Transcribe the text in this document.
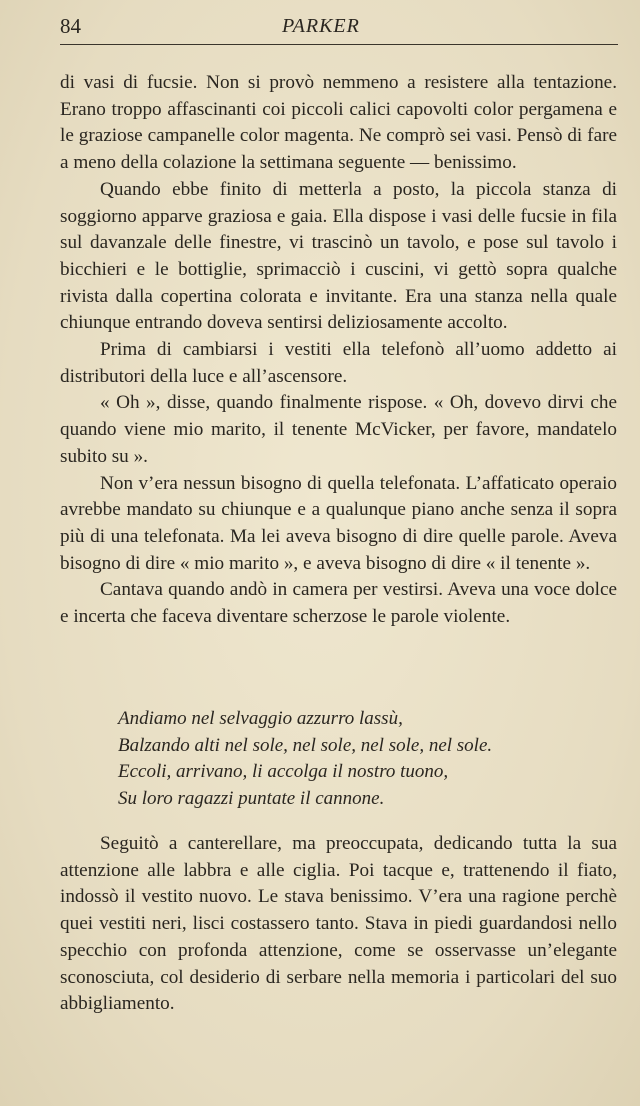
84	PARKER

di vasi di fucsie. Non si provò nemmeno a resistere alla tentazione. Erano troppo affascinanti coi piccoli calici capovolti color pergamena e le graziose campanelle color magenta. Ne comprò sei vasi. Pensò di fare a meno della colazione la settimana seguente — benissimo.

Quando ebbe finito di metterla a posto, la piccola stanza di soggiorno apparve graziosa e gaia. Ella dispose i vasi delle fucsie in fila sul davanzale delle finestre, vi trascinò un tavolo, e pose sul tavolo i bicchieri e le bottiglie, sprimacciò i cuscini, vi gettò sopra qualche rivista dalla copertina colorata e invitante. Era una stanza nella quale chiunque entrando doveva sentirsi deliziosamente accolto.

Prima di cambiarsi i vestiti ella telefonò all’uomo addetto ai distributori della luce e all’ascensore.

« Oh », disse, quando finalmente rispose. « Oh, dovevo dirvi che quando viene mio marito, il tenente McVicker, per favore, mandatelo subito su ».

Non v’era nessun bisogno di quella telefonata. L’affaticato operaio avrebbe mandato su chiunque e a qualunque piano anche senza il sopra più di una telefonata. Ma lei aveva bisogno di dire quelle parole. Aveva bisogno di dire « mio marito », e aveva bisogno di dire « il tenente ».

Cantava quando andò in camera per vestirsi. Aveva una voce dolce e incerta che faceva diventare scherzose le parole violente.

Andiamo nel selvaggio azzurro lassù,
Balzando alti nel sole, nel sole, nel sole, nel sole.
Eccoli, arrivano, li accolga il nostro tuono,
Su loro ragazzi puntate il cannone.

Seguitò a canterellare, ma preoccupata, dedicando tutta la sua attenzione alle labbra e alle ciglia. Poi tacque e, trattenendo il fiato, indossò il vestito nuovo. Le stava benissimo. V’era una ragione perchè quei vestiti neri, lisci costassero tanto. Stava in piedi guardandosi nello specchio con profonda attenzione, come se osservasse un’elegante sconosciuta, col desiderio di serbare nella memoria i particolari del suo abbigliamento.
